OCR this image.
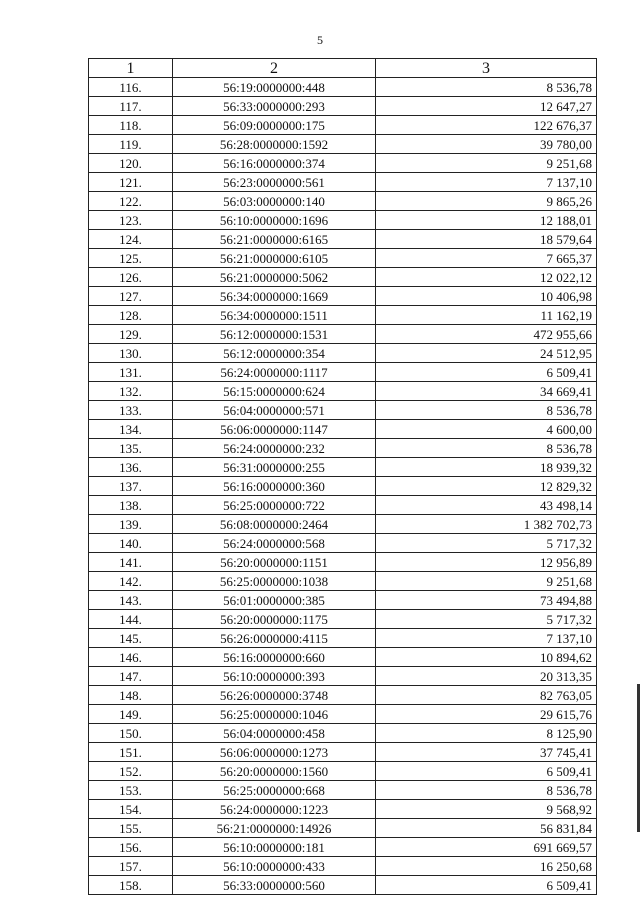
5
1	2	3
116.	56:19:0000000:448	8 536,78
117.	56:33:0000000:293	12 647,27
118.	56:09:0000000:175	122 676,37
119.	56:28:0000000:1592	39 780,00
120.	56:16:0000000:374	9 251,68
121.	56:23:0000000:561	7 137,10
122.	56:03:0000000:140	9 865,26
123.	56:10:0000000:1696	12 188,01
124.	56:21:0000000:6165	18 579,64
125.	56:21:0000000:6105	7 665,37
126.	56:21:0000000:5062	12 022,12
127.	56:34:0000000:1669	10 406,98
128.	56:34:0000000:1511	11 162,19
129.	56:12:0000000:1531	472 955,66
130.	56:12:0000000:354	24 512,95
131.	56:24:0000000:1117	6 509,41
132.	56:15:0000000:624	34 669,41
133.	56:04:0000000:571	8 536,78
134.	56:06:0000000:1147	4 600,00
135.	56:24:0000000:232	8 536,78
136.	56:31:0000000:255	18 939,32
137.	56:16:0000000:360	12 829,32
138.	56:25:0000000:722	43 498,14
139.	56:08:0000000:2464	1 382 702,73
140.	56:24:0000000:568	5 717,32
141.	56:20:0000000:1151	12 956,89
142.	56:25:0000000:1038	9 251,68
143.	56:01:0000000:385	73 494,88
144.	56:20:0000000:1175	5 717,32
145.	56:26:0000000:4115	7 137,10
146.	56:16:0000000:660	10 894,62
147.	56:10:0000000:393	20 313,35
148.	56:26:0000000:3748	82 763,05
149.	56:25:0000000:1046	29 615,76
150.	56:04:0000000:458	8 125,90
151.	56:06:0000000:1273	37 745,41
152.	56:20:0000000:1560	6 509,41
153.	56:25:0000000:668	8 536,78
154.	56:24:0000000:1223	9 568,92
155.	56:21:0000000:14926	56 831,84
156.	56:10:0000000:181	691 669,57
157.	56:10:0000000:433	16 250,68
158.	56:33:0000000:560	6 509,41
